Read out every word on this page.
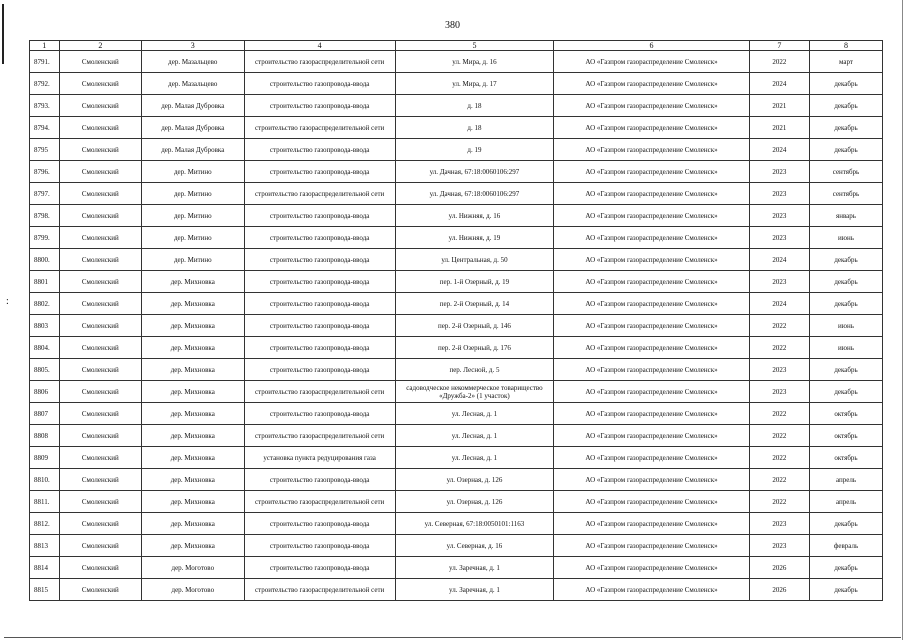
380
:
1	2	3	4	5	6	7	8
8791.	Смоленский	дер. Мазальцево	строительство газораспределительной сети	ул. Мира, д. 16	АО «Газпром газораспределение Смоленск»	2022	март
8792.	Смоленский	дер. Мазальцево	строительство газопровода-ввода	ул. Мира, д. 17	АО «Газпром газораспределение Смоленск»	2024	декабрь
8793.	Смоленский	дер. Малая Дубровка	строительство газопровода-ввода	д. 18	АО «Газпром газораспределение Смоленск»	2021	декабрь
8794.	Смоленский	дер. Малая Дубровка	строительство газораспределительной сети	д. 18	АО «Газпром газораспределение Смоленск»	2021	декабрь
8795	Смоленский	дер. Малая Дубровка	строительство газопровода-ввода	д. 19	АО «Газпром газораспределение Смоленск»	2024	декабрь
8796.	Смоленский	дер. Митино	строительство газопровода-ввода	ул. Дачная, 67:18:0060106:297	АО «Газпром газораспределение Смоленск»	2023	сентябрь
8797.	Смоленский	дер. Митино	строительство газораспределительной сети	ул. Дачная, 67:18:0060106:297	АО «Газпром газораспределение Смоленск»	2023	сентябрь
8798.	Смоленский	дер. Митино	строительство газопровода-ввода	ул. Нижняя, д. 16	АО «Газпром газораспределение Смоленск»	2023	январь
8799.	Смоленский	дер. Митино	строительство газопровода-ввода	ул. Нижняя, д. 19	АО «Газпром газораспределение Смоленск»	2023	июнь
8800.	Смоленский	дер. Митино	строительство газопровода-ввода	ул. Центральная, д. 50	АО «Газпром газораспределение Смоленск»	2024	декабрь
8801	Смоленский	дер. Михновка	строительство газопровода-ввода	пер. 1-й Озерный, д. 19	АО «Газпром газораспределение Смоленск»	2023	декабрь
8802.	Смоленский	дер. Михновка	строительство газопровода-ввода	пер. 2-й Озерный, д. 14	АО «Газпром газораспределение Смоленск»	2024	декабрь
8803	Смоленский	дер. Михновка	строительство газопровода-ввода	пер. 2-й Озерный, д. 146	АО «Газпром газораспределение Смоленск»	2022	июнь
8804.	Смоленский	дер. Михновка	строительство газопровода-ввода	пер. 2-й Озерный, д. 176	АО «Газпром газораспределение Смоленск»	2022	июнь
8805.	Смоленский	дер. Михновка	строительство газопровода-ввода	пер. Лесной, д. 5	АО «Газпром газораспределение Смоленск»	2023	декабрь
8806	Смоленский	дер. Михновка	строительство газораспределительной сети	садоводческое некоммерческое товарищество «Дружба-2» (1 участок)	АО «Газпром газораспределение Смоленск»	2023	декабрь
8807	Смоленский	дер. Михновка	строительство газопровода-ввода	ул. Лесная, д. 1	АО «Газпром газораспределение Смоленск»	2022	октябрь
8808	Смоленский	дер. Михновка	строительство газораспределительной сети	ул. Лесная, д. 1	АО «Газпром газораспределение Смоленск»	2022	октябрь
8809	Смоленский	дер. Михновка	установка пункта редуцирования газа	ул. Лесная, д. 1	АО «Газпром газораспределение Смоленск»	2022	октябрь
8810.	Смоленский	дер. Михновка	строительство газопровода-ввода	ул. Озерная, д. 126	АО «Газпром газораспределение Смоленск»	2022	апрель
8811.	Смоленский	дер. Михновка	строительство газораспределительной сети	ул. Озерная, д. 126	АО «Газпром газораспределение Смоленск»	2022	апрель
8812.	Смоленский	дер. Михновка	строительство газопровода-ввода	ул. Северная, 67:18:0050101:1163	АО «Газпром газораспределение Смоленск»	2023	декабрь
8813	Смоленский	дер. Михновка	строительство газопровода-ввода	ул. Северная, д. 16	АО «Газпром газораспределение Смоленск»	2023	февраль
8814	Смоленский	дер. Моготово	строительство газопровода-ввода	ул. Заречная, д. 1	АО «Газпром газораспределение Смоленск»	2026	декабрь
8815	Смоленский	дер. Моготово	строительство газораспределительной сети	ул. Заречная, д. 1	АО «Газпром газораспределение Смоленск»	2026	декабрь
